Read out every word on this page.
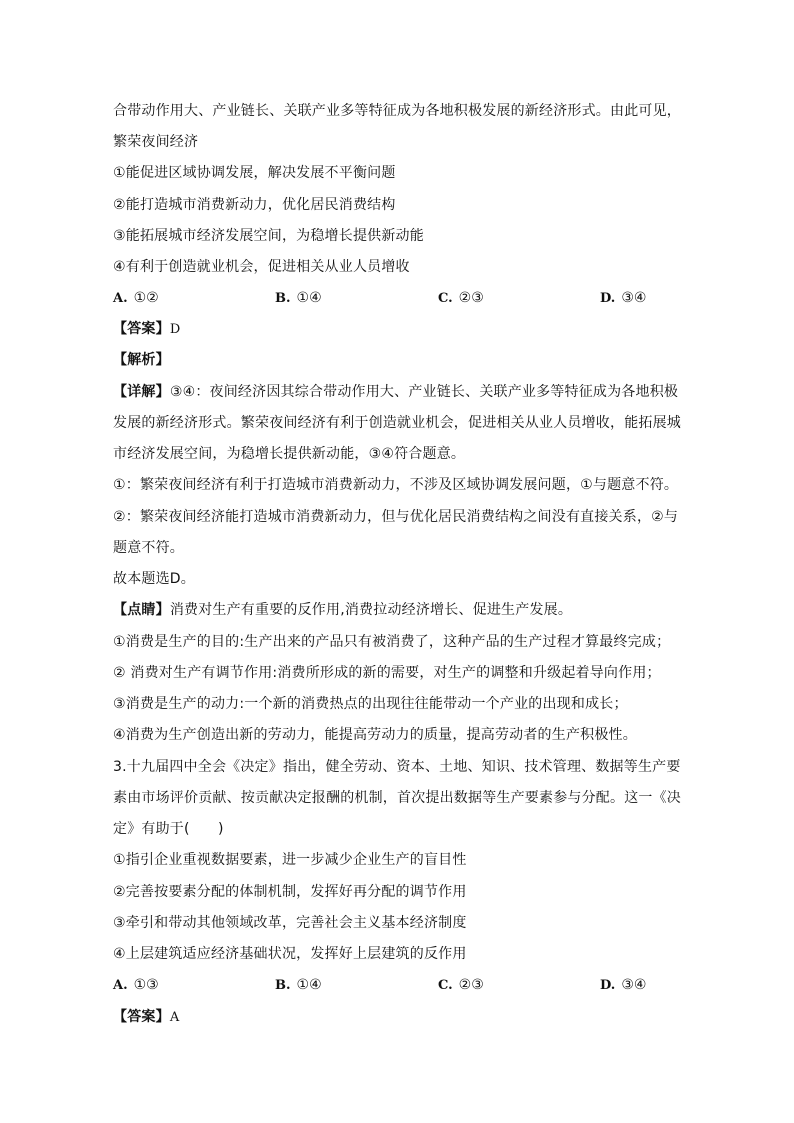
合带动作用大、产业链长、关联产业多等特征成为各地积极发展的新经济形式。由此可见，
繁荣夜间经济
①能促进区域协调发展，解决发展不平衡问题
②能打造城市消费新动力，优化居民消费结构
③能拓展城市经济发展空间，为稳增长提供新动能
④有利于创造就业机会，促进相关从业人员增收
A. ①②	B. ①④	C. ②③	D. ③④
【答案】D
【解析】
【详解】③④：夜间经济因其综合带动作用大、产业链长、关联产业多等特征成为各地积极
发展的新经济形式。繁荣夜间经济有利于创造就业机会，促进相关从业人员增收，能拓展城
市经济发展空间，为稳增长提供新动能，③④符合题意。
①：繁荣夜间经济有利于打造城市消费新动力，不涉及区域协调发展问题，①与题意不符。
②：繁荣夜间经济能打造城市消费新动力，但与优化居民消费结构之间没有直接关系，②与
题意不符。
故本题选D。
【点睛】消费对生产有重要的反作用,消费拉动经济增长、促进生产发展。
①消费是生产的目的:生产出来的产品只有被消费了，这种产品的生产过程才算最终完成；
② 消费对生产有调节作用:消费所形成的新的需要，对生产的调整和升级起着导向作用；
③消费是生产的动力:一个新的消费热点的出现往往能带动一个产业的出现和成长；
④消费为生产创造出新的劳动力，能提高劳动力的质量，提高劳动者的生产积极性。
3.十九届四中全会《决定》指出，健全劳动、资本、土地、知识、技术管理、数据等生产要
素由市场评价贡献、按贡献决定报酬的机制，首次提出数据等生产要素参与分配。这一《决
定》有助于(　　)
①指引企业重视数据要素，进一步减少企业生产的盲目性
②完善按要素分配的体制机制，发挥好再分配的调节作用
③牵引和带动其他领域改革，完善社会主义基本经济制度
④上层建筑适应经济基础状况，发挥好上层建筑的反作用
A. ①③	B. ①④	C. ②③	D. ③④
【答案】A
